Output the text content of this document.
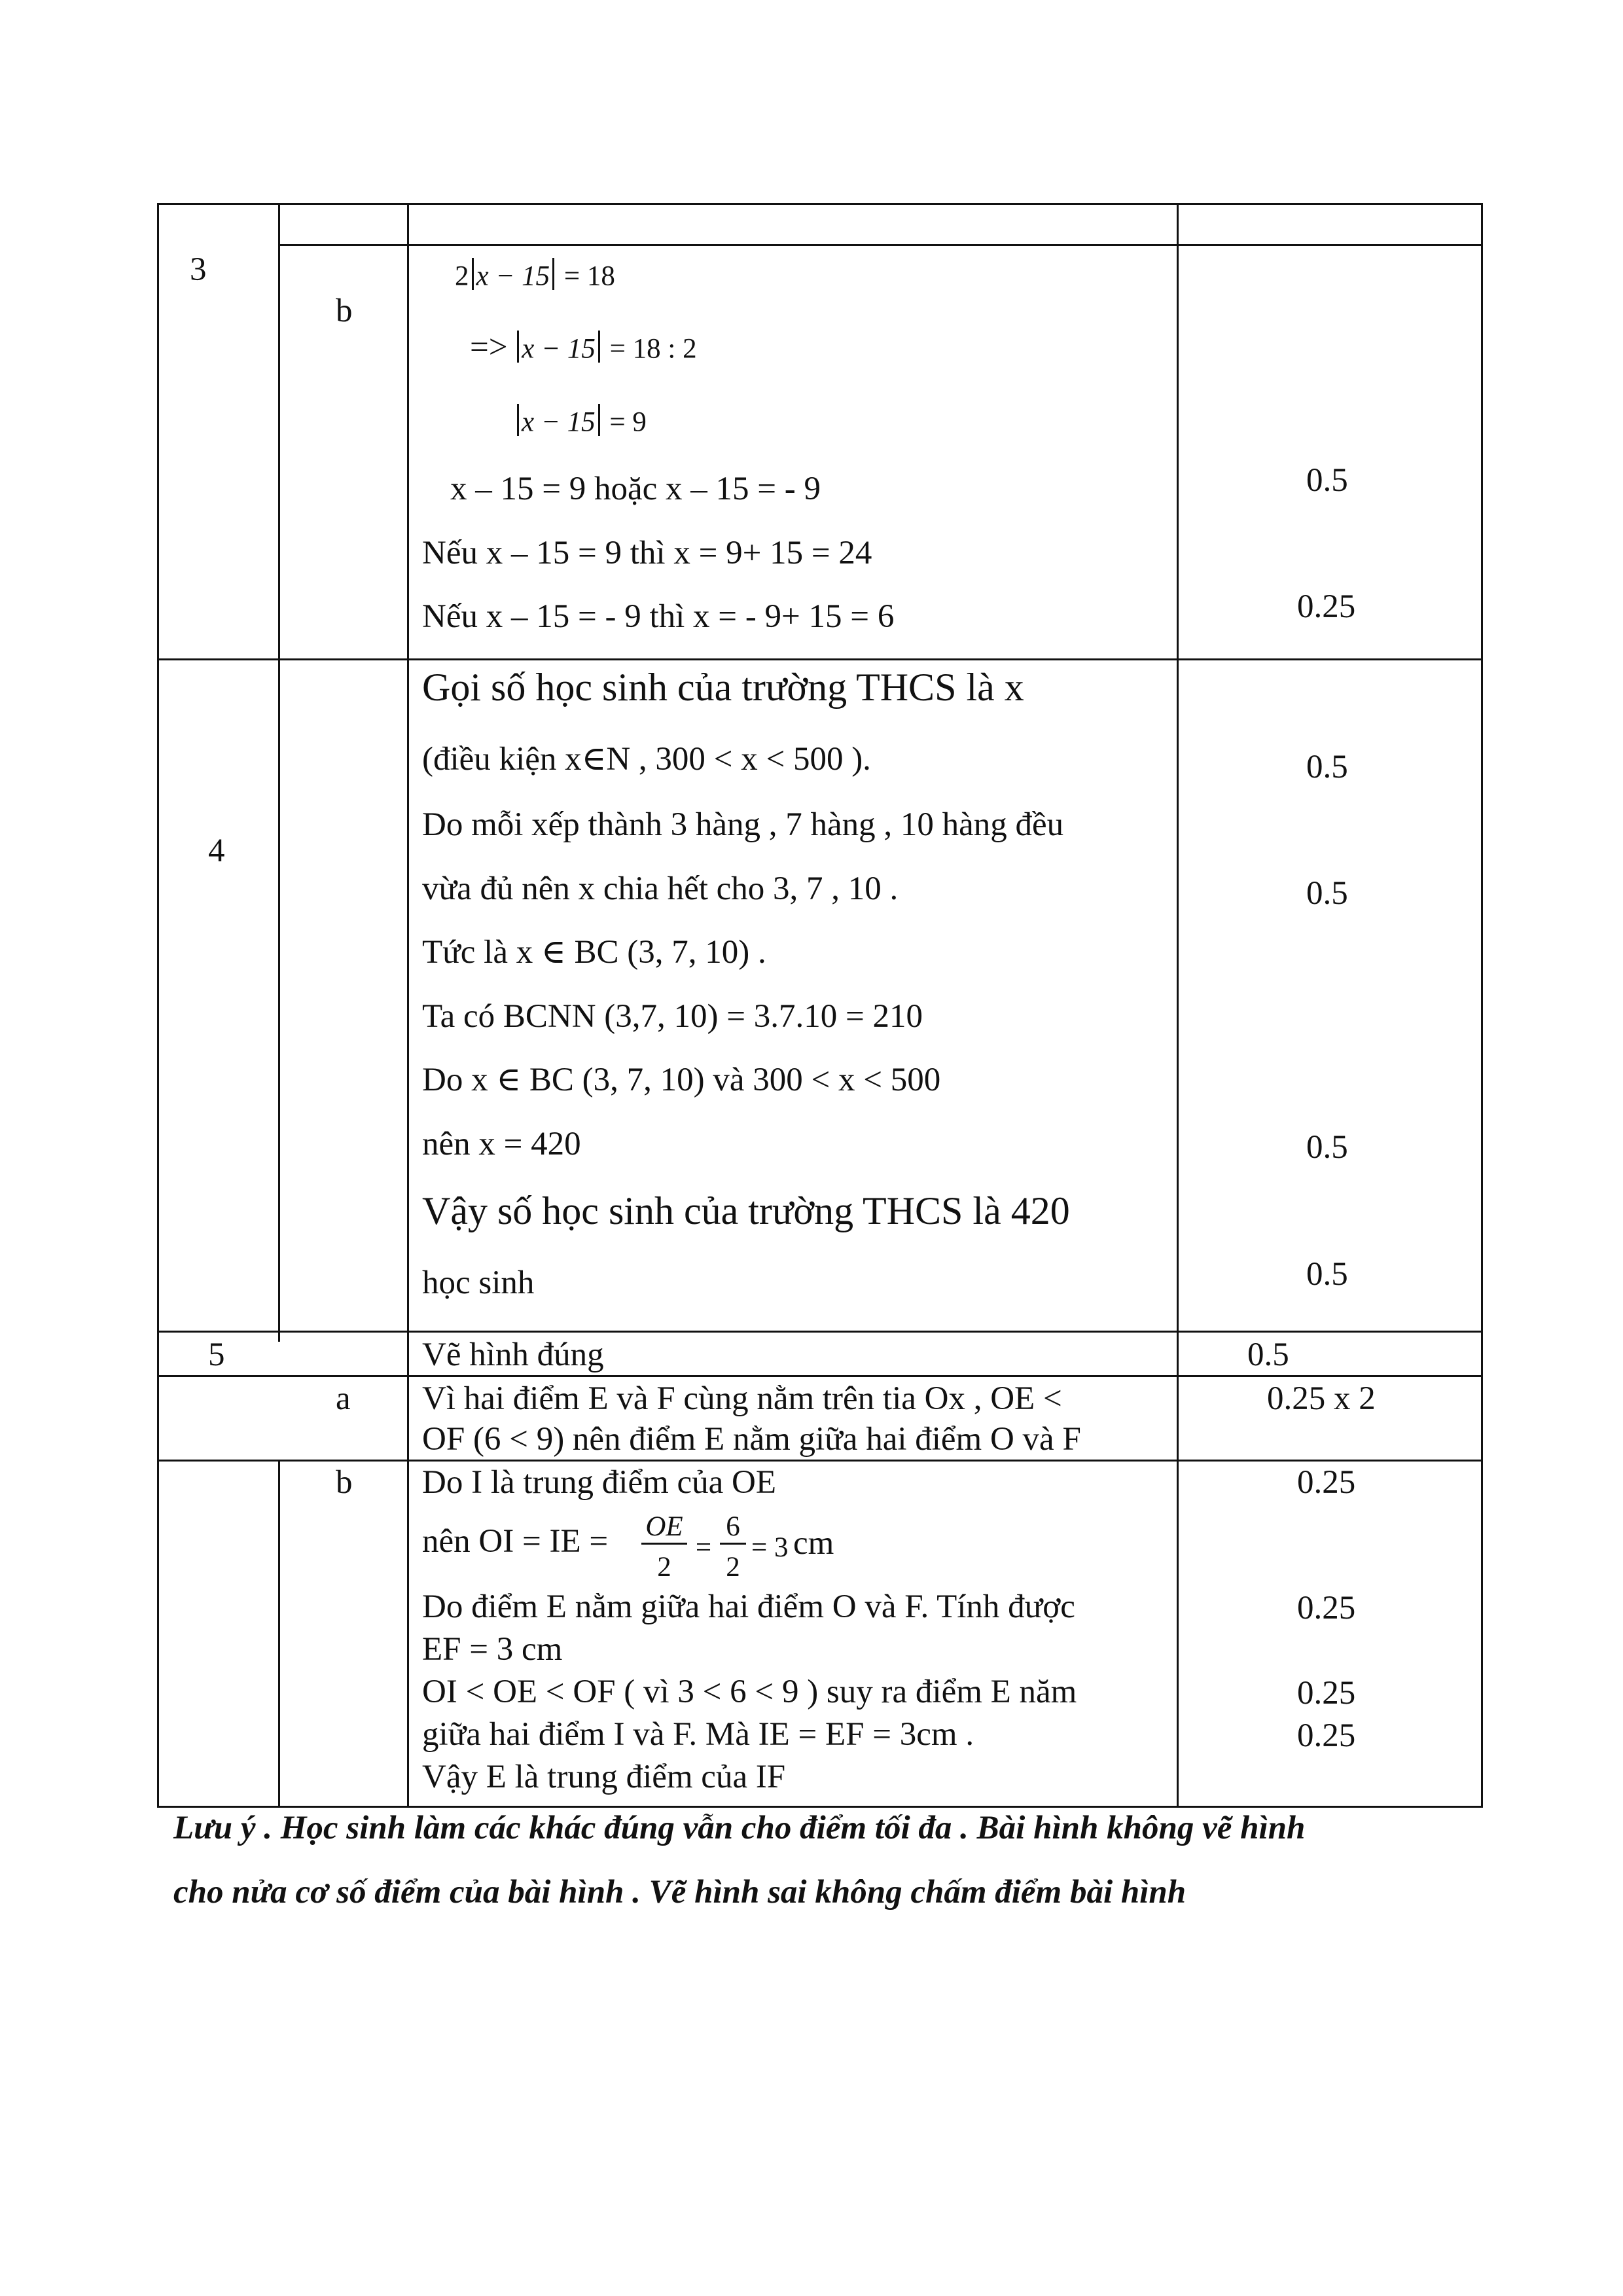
3
b
2 x − 15 = 18
=> x − 15 = 18 : 2
x − 15 = 9
x – 15 = 9 hoặc x – 15 = - 9
Nếu x – 15 = 9 thì x = 9+ 15 = 24
Nếu x – 15 = - 9 thì x = - 9+ 15 = 6
0.5
0.25
4
Gọi số học sinh của trường THCS là x
(điều kiện x∈N , 300 < x < 500 ).
Do mỗi xếp thành 3 hàng , 7 hàng , 10 hàng đều
vừa đủ nên x chia hết cho 3, 7 , 10 .
Tức là x ∈ BC (3, 7, 10) .
Ta có BCNN (3,7, 10) = 3.7.10 = 210
Do x ∈ BC (3, 7, 10) và 300 < x < 500
nên x = 420
Vậy số học sinh của trường THCS là 420
học sinh
0.5
0.5
0.5
0.5
5	Vẽ hình đúng	0.5
a Vì hai điểm E và F cùng nằm trên tia Ox , OE <
OF (6 < 9) nên điểm E nằm giữa hai điểm O và F
0.25 x 2
b Do I là trung điểm của OE
nên OI = IE = OE
2
=
6
2
= 3 cm
Do điểm E nằm giữa hai điểm O và F. Tính được
EF = 3 cm
OI < OE < OF ( vì 3 < 6 < 9 ) suy ra điểm E năm
giữa hai điểm I và F. Mà IE = EF = 3cm .
Vậy E là trung điểm của IF
0.25
0.25
0.25
0.25
Lưu ý . Học sinh làm các khác đúng vẫn cho điểm tối đa . Bài hình không vẽ hình
cho nửa cơ số điểm của bài hình . Vẽ hình sai không chấm điểm bài hình
